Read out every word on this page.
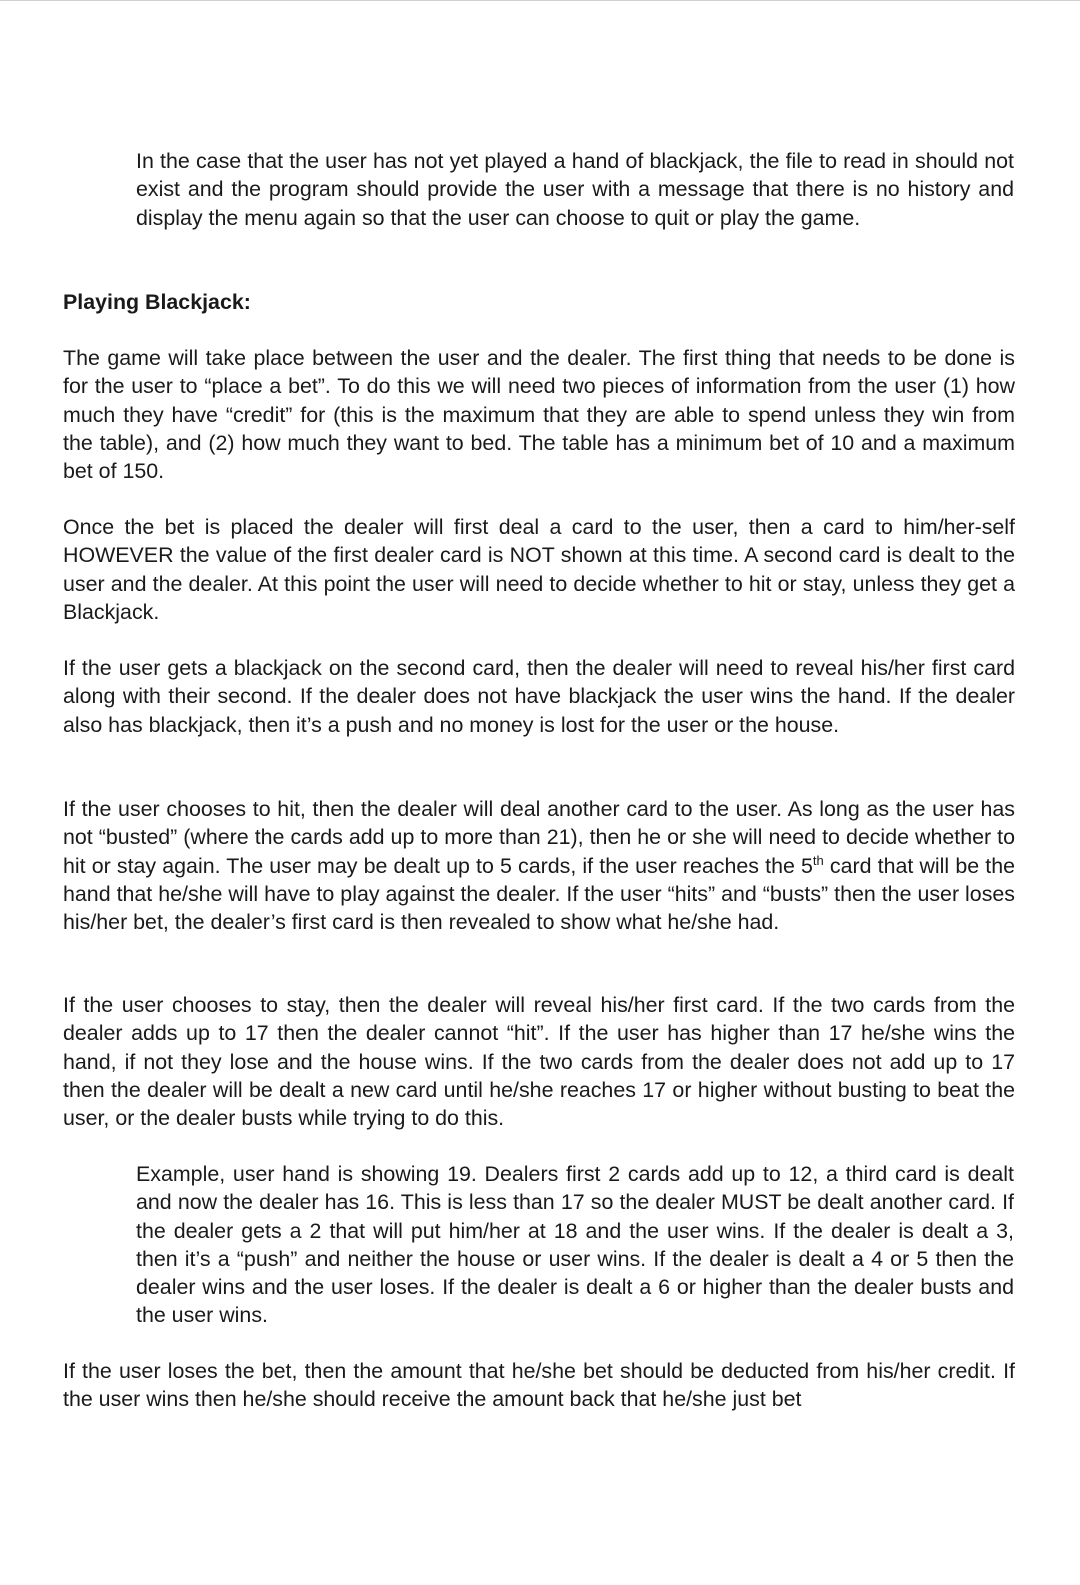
In the case that the user has not yet played a hand of blackjack, the file to read in should not exist and the program should provide the user with a message that there is no history and display the menu again so that the user can choose to quit or play the game.

Playing Blackjack:

The game will take place between the user and the dealer. The first thing that needs to be done is for the user to “place a bet”. To do this we will need two pieces of information from the user (1) how much they have “credit” for (this is the maximum that they are able to spend unless they win from the table), and (2) how much they want to bed. The table has a minimum bet of 10 and a maximum bet of 150.

Once the bet is placed the dealer will first deal a card to the user, then a card to him/her-self HOWEVER the value of the first dealer card is NOT shown at this time. A second card is dealt to the user and the dealer. At this point the user will need to decide whether to hit or stay, unless they get a Blackjack.

If the user gets a blackjack on the second card, then the dealer will need to reveal his/her first card along with their second. If the dealer does not have blackjack the user wins the hand. If the dealer also has blackjack, then it’s a push and no money is lost for the user or the house.

If the user chooses to hit, then the dealer will deal another card to the user. As long as the user has not “busted” (where the cards add up to more than 21), then he or she will need to decide whether to hit or stay again. The user may be dealt up to 5 cards, if the user reaches the 5th card that will be the hand that he/she will have to play against the dealer. If the user “hits” and “busts” then the user loses his/her bet, the dealer’s first card is then revealed to show what he/she had.

If the user chooses to stay, then the dealer will reveal his/her first card. If the two cards from the dealer adds up to 17 then the dealer cannot “hit”. If the user has higher than 17 he/she wins the hand, if not they lose and the house wins. If the two cards from the dealer does not add up to 17 then the dealer will be dealt a new card until he/she reaches 17 or higher without busting to beat the user, or the dealer busts while trying to do this.

Example, user hand is showing 19. Dealers first 2 cards add up to 12, a third card is dealt and now the dealer has 16. This is less than 17 so the dealer MUST be dealt another card. If the dealer gets a 2 that will put him/her at 18 and the user wins. If the dealer is dealt a 3, then it’s a “push” and neither the house or user wins. If the dealer is dealt a 4 or 5 then the dealer wins and the user loses. If the dealer is dealt a 6 or higher than the dealer busts and the user wins.

If the user loses the bet, then the amount that he/she bet should be deducted from his/her credit. If the user wins then he/she should receive the amount back that he/she just bet
